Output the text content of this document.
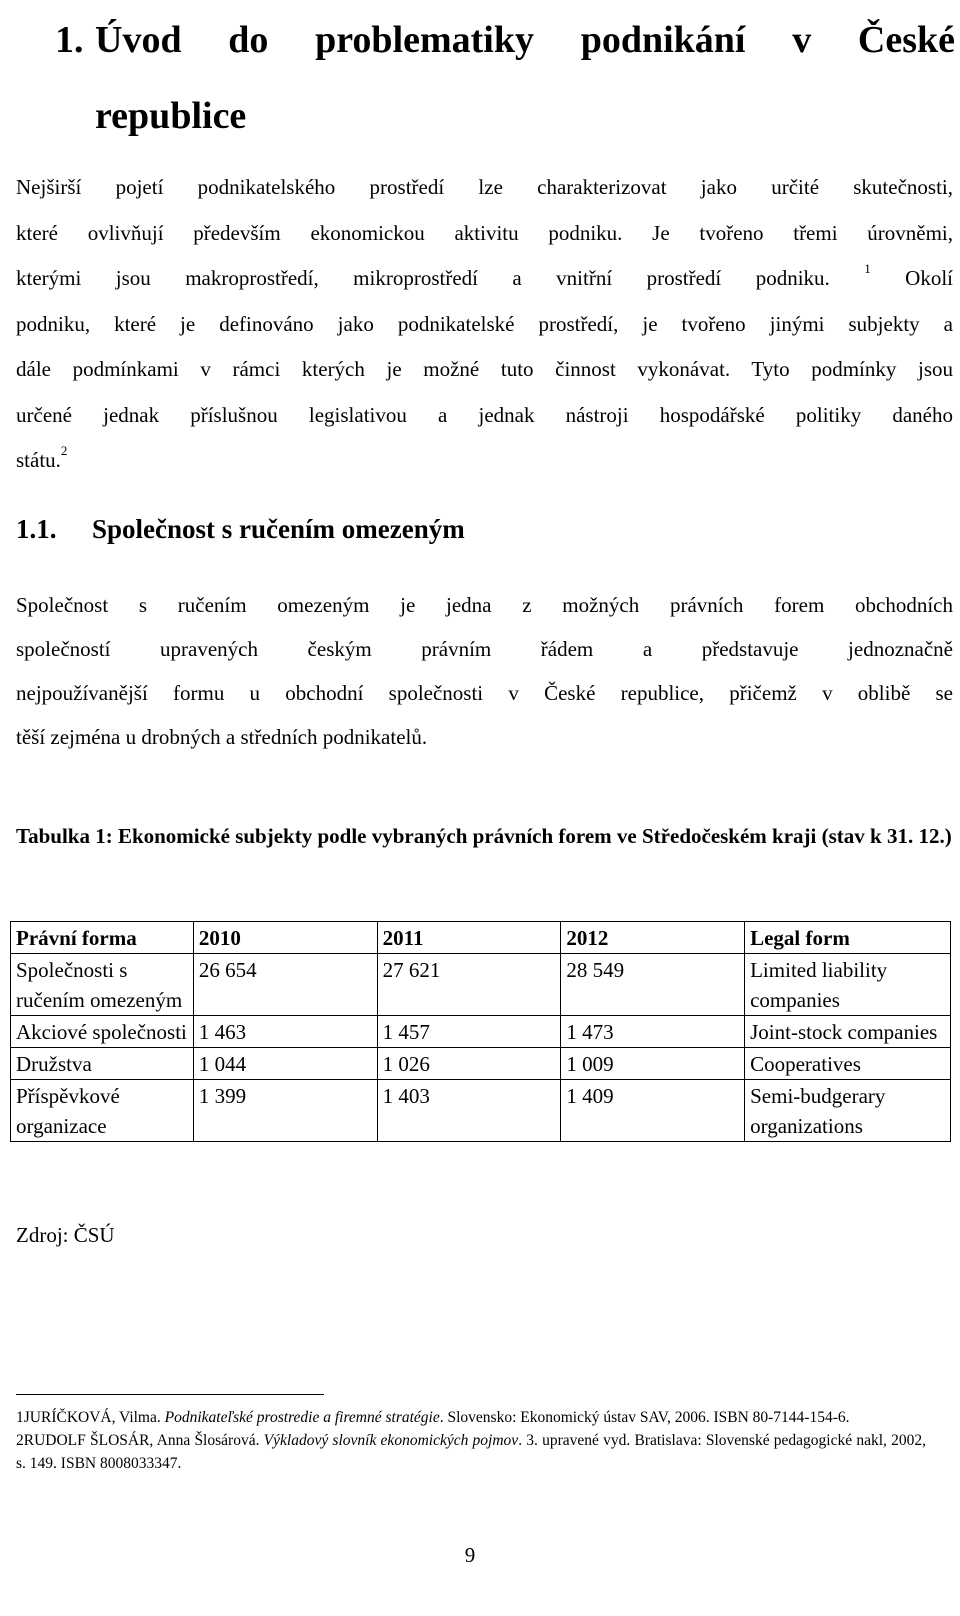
1. Úvod do problematiky podnikání v České
republice
Nejširší pojetí podnikatelského prostředí lze charakterizovat jako určité skutečnosti,
které ovlivňují především ekonomickou aktivitu podniku. Je tvořeno třemi úrovněmi,
kterými jsou makroprostředí, mikroprostředí a vnitřní prostředí podniku.	$^1$ Okolí
podniku, které je definováno jako podnikatelské prostředí, je tvořeno jinými subjekty a
dále podmínkami v rámci kterých je možné tuto činnost vykonávat. Tyto podmínky jsou
určené jednak příslušnou legislativou a jednak nástroji hospodářské politiky daného
státu.$^2$
1.1. Společnost s ručením omezeným
Společnost s ručením omezeným je jedna z možných právních forem obchodních
společností upravených českým právním řádem a představuje jednoznačně
nejpoužívanější formu u obchodní společnosti v České republice, přičemž v oblibě se
těší zejména u drobných a středních podnikatelů.

Tabulka 1: Ekonomické subjekty podle vybraných právních forem ve Středočeském kraji (stav k 31. 12.)

Právní forma	2010	2011	2012	Legal form
Společnosti s ručením omezeným	26 654	27 621	28 549	Limited liability companies
Akciové společnosti	1 463	1 457	1 473	Joint-stock companies
Družstva	1 044	1 026	1 009	Cooperatives
Příspěvkové organizace	1 399	1 403	1 409	Semi-budgerary organizations
Zdroj: ČSÚ

1JURÍČKOVÁ, Vilma. Podnikateľské prostredie a firemné stratégie. Slovensko: Ekonomický ústav SAV, 2006. ISBN 80-7144-154-6.

2RUDOLF ŠLOSÁR, Anna Šlosárová. Výkladový slovník ekonomických pojmov. 3. upravené vyd. Bratislava: Slovenské pedagogické nakl, 2002, s. 149. ISBN 8008033347.

9
